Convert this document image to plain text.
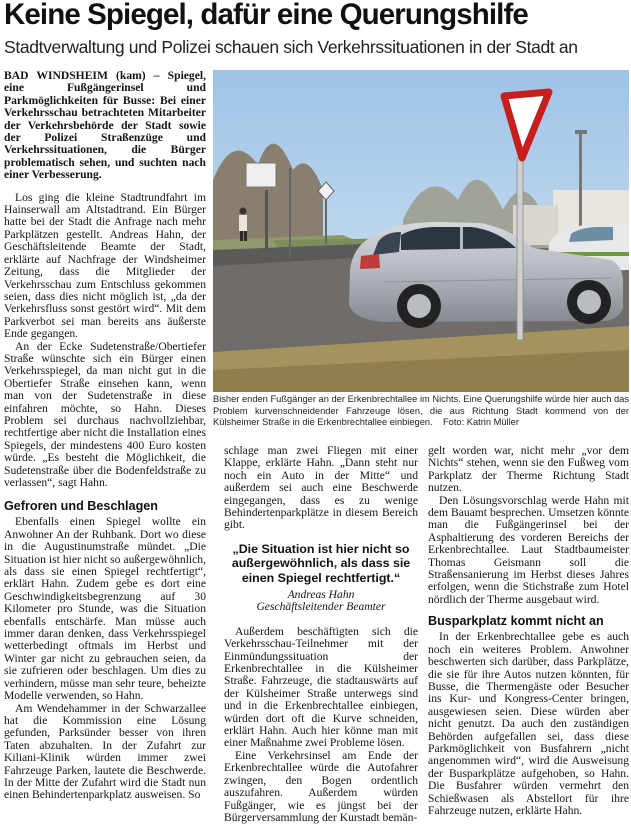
Keine Spiegel, dafür eine Querungshilfe
Stadtverwaltung und Polizei schauen sich Verkehrssituationen in der Stadt an

BAD WINDSHEIM (kam) – Spiegel, eine Fußgängerinsel und Parkmöglichkeiten für Busse: Bei einer Verkehrsschau betrachteten Mitarbeiter der Verkehrsbehörde der Stadt sowie der Polizei Straßenzüge und Verkehrssituationen, die Bürger problematisch sehen, und suchten nach einer Verbesserung.

Los ging die kleine Stadtrundfahrt im Hainserwall am Altstadtrand. Ein Bürger hatte bei der Stadt die Anfrage nach mehr Parkplätzen gestellt. Andreas Hahn, der Geschäftsleitende Beamte der Stadt, erklärte auf Nachfrage der Windsheimer Zeitung, dass die Mitglieder der Verkehrsschau zum Entschluss gekommen seien, dass dies nicht möglich ist, „da der Verkehrsfluss sonst gestört wird“. Mit dem Parkverbot sei man bereits ans äußerste Ende gegangen.

An der Ecke Sudetenstraße/Obertiefer Straße wünschte sich ein Bürger einen Verkehrsspiegel, da man nicht gut in die Obertiefer Straße einsehen kann, wenn man von der Sudetenstraße in diese einfahren möchte, so Hahn. Dieses Problem sei durchaus nachvollziehbar, rechtfertige aber nicht die Installation eines Spiegels, der mindestens 400 Euro kosten würde. „Es besteht die Möglichkeit, die Sudetenstraße über die Bodenfeldstraße zu verlassen“, sagt Hahn.

Gefroren und Beschlagen

Ebenfalls einen Spiegel wollte ein Anwohner An der Ruhbank. Dort wo diese in die Augustinumstraße mündet. „Die Situation ist hier nicht so außergewöhnlich, als dass sie einen Spiegel rechtfertigt“, erklärt Hahn. Zudem gebe es dort eine Geschwindigkeitsbegrenzung auf 30 Kilometer pro Stunde, was die Situation ebenfalls entschärfe. Man müsse auch immer daran denken, dass Verkehrsspiegel wetterbedingt oftmals im Herbst und Winter gar nicht zu gebrauchen seien, da sie zufrieren oder beschlagen. Um dies zu verhindern, müsse man sehr teure, beheizte Modelle verwenden, so Hahn.

Am Wendehammer in der Schwarzallee hat die Kommission eine Lösung gefunden, Parksünder besser von ihren Taten abzuhalten. In der Zufahrt zur Kiliani-Klinik würden immer zwei Fahrzeuge Parken, lautete die Beschwerde. In der Mitte der Zufahrt wird die Stadt nun einen Behindertenparkplatz ausweisen. So

Bisher enden Fußgänger an der Erkenbrechtallee im Nichts. Eine Querungshilfe würde hier auch das Problem kurvenschneidender Fahrzeuge lösen, die aus Richtung Stadt kommend von der Külsheimer Straße in die Erkenbrechtallee einbiegen. Foto: Katrin Müller

schlage man zwei Fliegen mit einer Klappe, erklärte Hahn. „Dann steht nur noch ein Auto in der Mitte“ und außerdem sei auch eine Beschwerde eingegangen, dass es zu wenige Behindertenparkplätze in diesem Bereich gibt.

„Die Situation ist hier nicht so außergewöhnlich, als dass sie einen Spiegel rechtfertigt.“
Andreas Hahn
Geschäftsleitender Beamter

Außerdem beschäftigten sich die Verkehrsschau-Teilnehmer mit der Einmündungssituation der Erkenbrechtallee in die Külsheimer Straße. Fahrzeuge, die stadtauswärts auf der Külsheimer Straße unterwegs sind und in die Erkenbrechtallee einbiegen, würden dort oft die Kurve schneiden, erklärt Hahn. Auch hier könne man mit einer Maßnahme zwei Probleme lösen.

Eine Verkehrsinsel am Ende der Erkenbrechtallee würde die Autofahrer zwingen, den Bogen ordentlich auszufahren. Außerdem würden Fußgänger, wie es jüngst bei der Bürgerversammlung der Kurstadt bemän-

gelt worden war, nicht mehr „vor dem Nichts“ stehen, wenn sie den Fußweg vom Parkplatz der Therme Richtung Stadt nutzen.

Den Lösungsvorschlag werde Hahn mit dem Bauamt besprechen. Umsetzen könnte man die Fußgängerinsel bei der Asphaltierung des vorderen Bereichs der Erkenbrechtallee. Laut Stadtbaumeister Thomas Geismann soll die Straßensanierung im Herbst dieses Jahres erfolgen, wenn die Stichstraße zum Hotel nördlich der Therme ausgebaut wird.

Busparkplatz kommt nicht an

In der Erkenbrechtallee gebe es auch noch ein weiteres Problem. Anwohner beschwerten sich darüber, dass Parkplätze, die sie für ihre Autos nutzen könnten, für Busse, die Thermengäste oder Besucher ins Kur- und Kongress-Center bringen, ausgewiesen seien. Diese würden aber nicht genutzt. Da auch den zuständigen Behörden aufgefallen sei, dass diese Parkmöglichkeit von Busfahrern „nicht angenommen wird“, wird die Ausweisung der Busparkplätze aufgehoben, so Hahn. Die Busfahrer würden vermehrt den Schießwasen als Abstellort für ihre Fahrzeuge nutzen, erklärte Hahn.
